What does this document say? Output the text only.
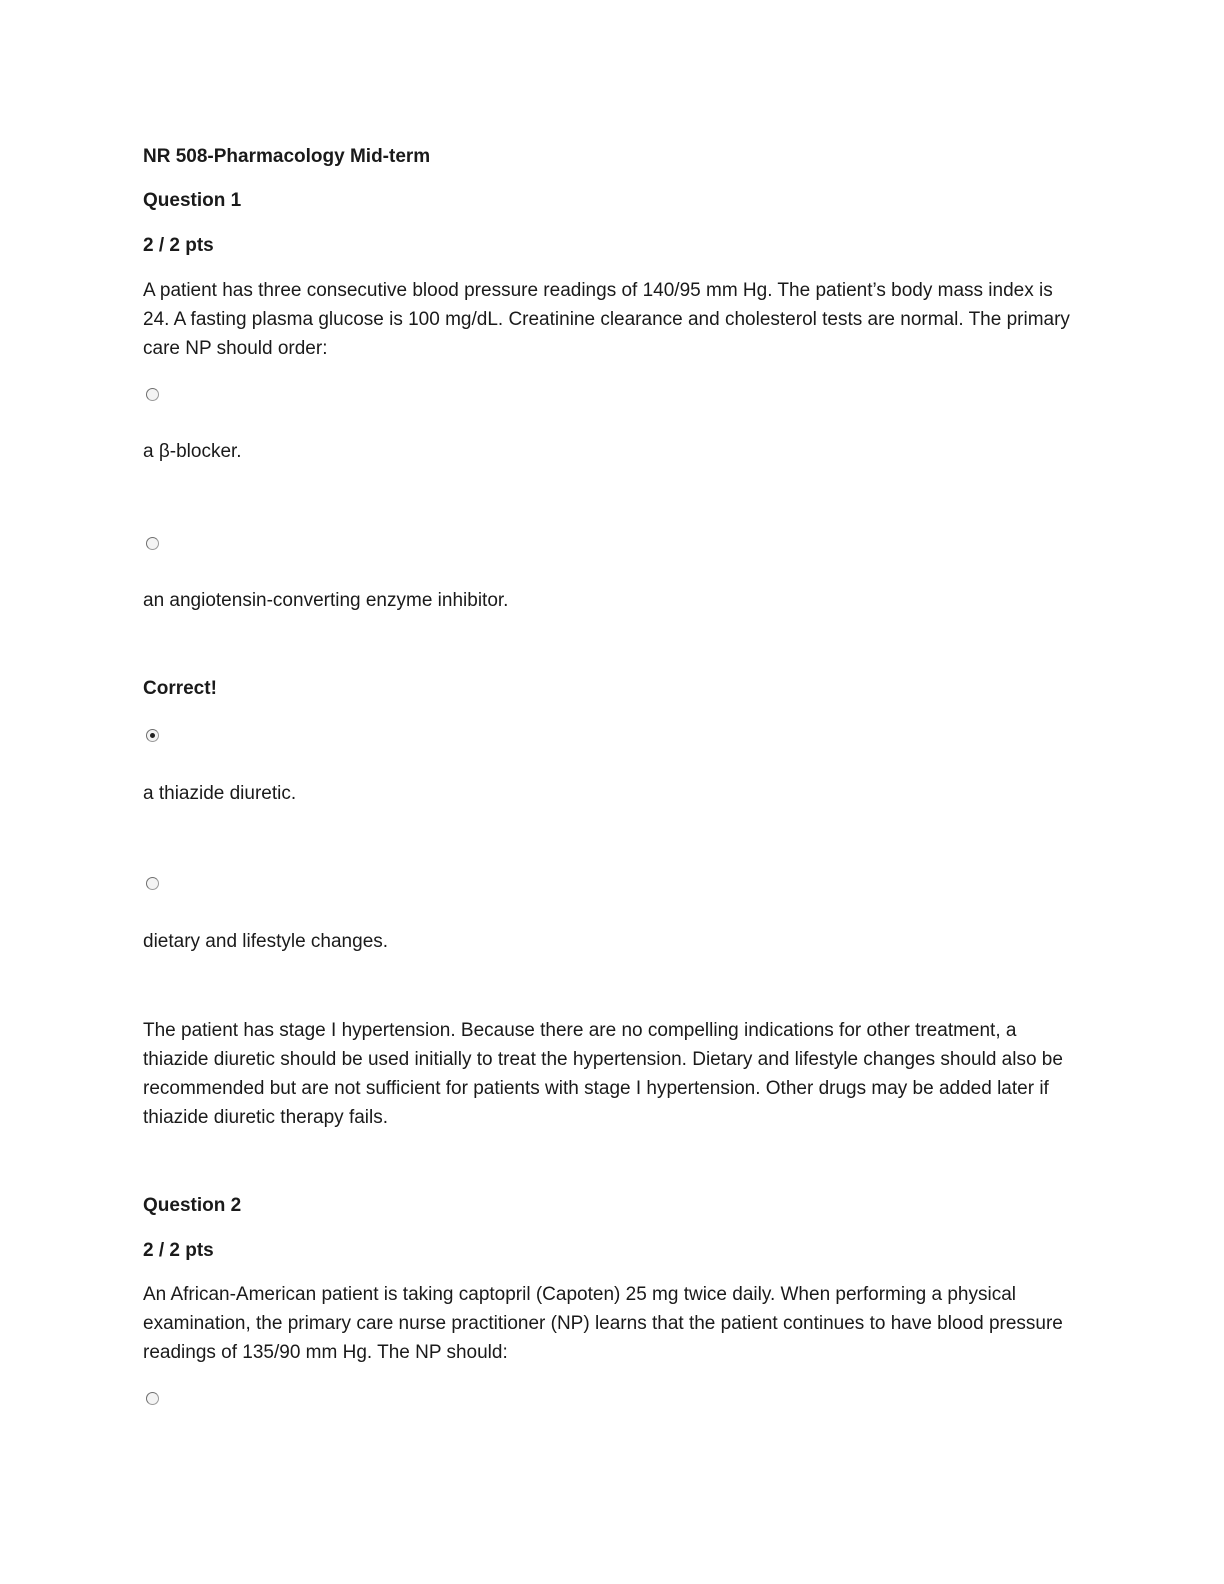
NR 508-Pharmacology Mid-term

Question 1

2 / 2 pts

A patient has three consecutive blood pressure readings of 140/95 mm Hg. The patient’s body mass index is 24. A fasting plasma glucose is 100 mg/dL. Creatinine clearance and cholesterol tests are normal. The primary care NP should order:

a β-blocker.

an angiotensin-converting enzyme inhibitor.

Correct!

a thiazide diuretic.

dietary and lifestyle changes.

The patient has stage I hypertension. Because there are no compelling indications for other treatment, a thiazide diuretic should be used initially to treat the hypertension. Dietary and lifestyle changes should also be recommended but are not sufficient for patients with stage I hypertension. Other drugs may be added later if thiazide diuretic therapy fails.

Question 2

2 / 2 pts

An African-American patient is taking captopril (Capoten) 25 mg twice daily. When performing a physical examination, the primary care nurse practitioner (NP) learns that the patient continues to have blood pressure readings of 135/90 mm Hg. The NP should:
